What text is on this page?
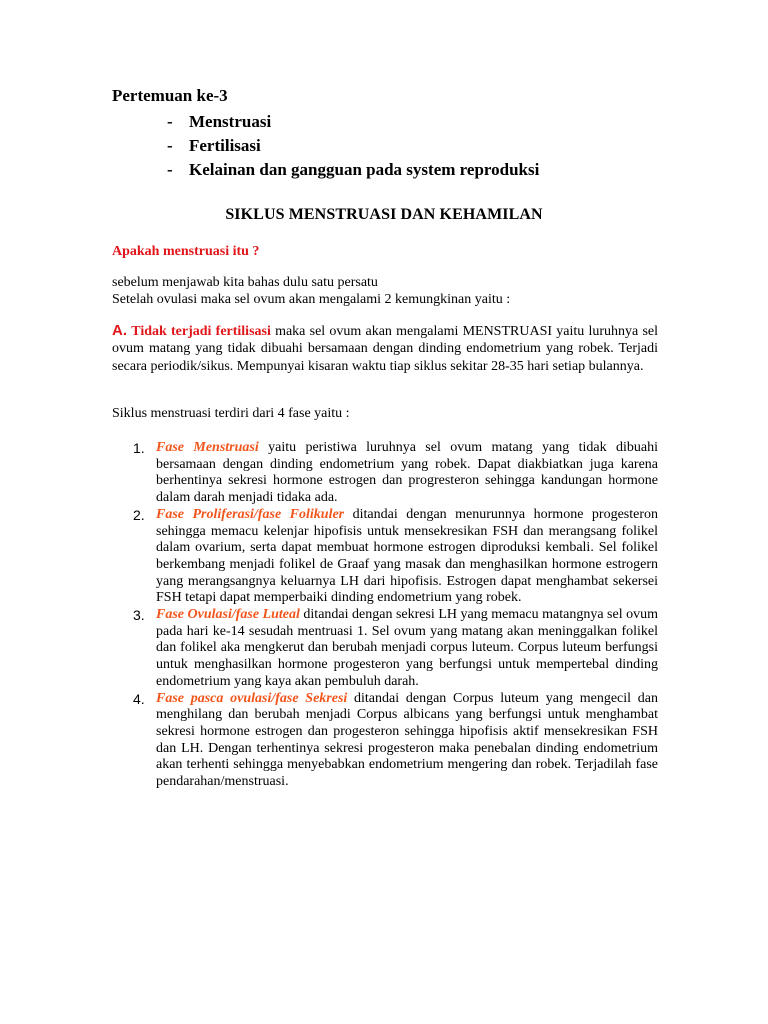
Pertemuan ke-3
- Menstruasi
- Fertilisasi
- Kelainan dan gangguan pada system reproduksi
SIKLUS MENSTRUASI DAN KEHAMILAN
Apakah menstruasi itu ?

sebelum menjawab kita bahas dulu satu persatu

Setelah ovulasi maka sel ovum akan mengalami 2 kemungkinan yaitu :

A. Tidak terjadi fertilisasi maka sel ovum akan mengalami MENSTRUASI yaitu luruhnya sel ovum matang yang tidak dibuahi bersamaan dengan dinding endometrium yang robek. Terjadi secara periodik/sikus. Mempunyai kisaran waktu tiap siklus sekitar 28-35 hari setiap bulannya.

Siklus menstruasi terdiri dari 4 fase yaitu :
1. Fase Menstruasi yaitu peristiwa luruhnya sel ovum matang yang tidak dibuahi bersamaan dengan dinding endometrium yang robek. Dapat diakbiatkan juga karena berhentinya sekresi hormone estrogen dan progresteron sehingga kandungan hormone dalam darah menjadi tidaka ada.
2. Fase Proliferasi/fase Folikuler ditandai dengan menurunnya hormone progesteron sehingga memacu kelenjar hipofisis untuk mensekresikan FSH dan merangsang folikel dalam ovarium, serta dapat membuat hormone estrogen diproduksi kembali. Sel folikel berkembang menjadi folikel de Graaf yang masak dan menghasilkan hormone estrogern yang merangsangnya keluarnya LH dari hipofisis. Estrogen dapat menghambat sekersei FSH tetapi dapat memperbaiki dinding endometrium yang robek.
3. Fase Ovulasi/fase Luteal ditandai dengan sekresi LH yang memacu matangnya sel ovum pada hari ke-14 sesudah mentruasi 1. Sel ovum yang matang akan meninggalkan folikel dan folikel aka mengkerut dan berubah menjadi corpus luteum. Corpus luteum berfungsi untuk menghasilkan hormone progesteron yang berfungsi untuk mempertebal dinding endometrium yang kaya akan pembuluh darah.
4. Fase pasca ovulasi/fase Sekresi ditandai dengan Corpus luteum yang mengecil dan menghilang dan berubah menjadi Corpus albicans yang berfungsi untuk menghambat sekresi hormone estrogen dan progesteron sehingga hipofisis aktif mensekresikan FSH dan LH. Dengan terhentinya sekresi progesteron maka penebalan dinding endometrium akan terhenti sehingga menyebabkan endometrium mengering dan robek. Terjadilah fase pendarahan/menstruasi.
